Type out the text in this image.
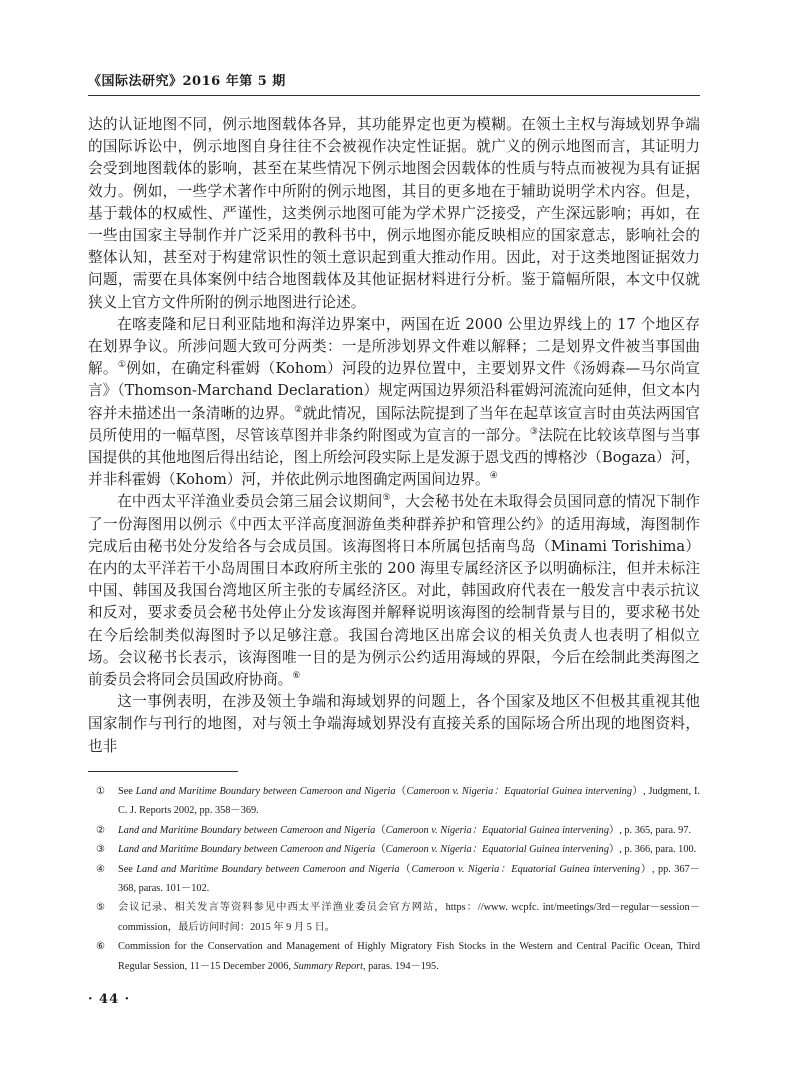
《国际法研究》2016 年第 5 期

达的认证地图不同，例示地图载体各异，其功能界定也更为模糊。在领土主权与海域划界争端的国际诉讼中，例示地图自身往往不会被视作决定性证据。就广义的例示地图而言，其证明力会受到地图载体的影响，甚至在某些情况下例示地图会因载体的性质与特点而被视为具有证据效力。例如，一些学术著作中所附的例示地图，其目的更多地在于辅助说明学术内容。但是，基于载体的权威性、严谨性，这类例示地图可能为学术界广泛接受，产生深远影响；再如，在一些由国家主导制作并广泛采用的教科书中，例示地图亦能反映相应的国家意志，影响社会的整体认知，甚至对于构建常识性的领土意识起到重大推动作用。因此，对于这类地图证据效力问题，需要在具体案例中结合地图载体及其他证据材料进行分析。鉴于篇幅所限，本文中仅就狭义上官方文件所附的例示地图进行论述。

在喀麦隆和尼日利亚陆地和海洋边界案中，两国在近 2000 公里边界线上的 17 个地区存在划界争议。所涉问题大致可分两类：一是所涉划界文件难以解释；二是划界文件被当事国曲解。①例如，在确定科霍姆（Kohom）河段的边界位置中，主要划界文件《汤姆森—马尔尚宣言》（Thomson-Marchand Declaration）规定两国边界须沿科霍姆河流流向延伸，但文本内容并未描述出一条清晰的边界。②就此情况，国际法院提到了当年在起草该宣言时由英法两国官员所使用的一幅草图，尽管该草图并非条约附图或为宣言的一部分。③法院在比较该草图与当事国提供的其他地图后得出结论，图上所绘河段实际上是发源于恩戈西的博格沙（Bogaza）河，并非科霍姆（Kohom）河，并依此例示地图确定两国间边界。④

在中西太平洋渔业委员会第三届会议期间⑤，大会秘书处在未取得会员国同意的情况下制作了一份海图用以例示《中西太平洋高度洄游鱼类种群养护和管理公约》的适用海域，海图制作完成后由秘书处分发给各与会成员国。该海图将日本所属包括南鸟岛（Minami Torishima）在内的太平洋若干小岛周围日本政府所主张的 200 海里专属经济区予以明确标注，但并未标注中国、韩国及我国台湾地区所主张的专属经济区。对此，韩国政府代表在一般发言中表示抗议和反对，要求委员会秘书处停止分发该海图并解释说明该海图的绘制背景与目的，要求秘书处在今后绘制类似海图时予以足够注意。我国台湾地区出席会议的相关负责人也表明了相似立场。会议秘书长表示，该海图唯一目的是为例示公约适用海域的界限，今后在绘制此类海图之前委员会将同会员国政府协商。⑥

这一事例表明，在涉及领土争端和海域划界的问题上，各个国家及地区不但极其重视其他国家制作与刊行的地图，对与领土争端海域划界没有直接关系的国际场合所出现的地图资料，也非

① See Land and Maritime Boundary between Cameroon and Nigeria（Cameroon v. Nigeria：Equatorial Guinea intervening）, Judgment, I. C. J. Reports 2002, pp. 358－369.

② Land and Maritime Boundary between Cameroon and Nigeria（Cameroon v. Nigeria：Equatorial Guinea intervening）, p. 365, para. 97.

③ Land and Maritime Boundary between Cameroon and Nigeria（Cameroon v. Nigeria：Equatorial Guinea intervening）, p. 366, para. 100.

④ See Land and Maritime Boundary between Cameroon and Nigeria（Cameroon v. Nigeria：Equatorial Guinea intervening）, pp. 367－368, paras. 101－102.

⑤ 会议记录、相关发言等资料参见中西太平洋渔业委员会官方网站，https：//www. wcpfc. int/meetings/3rd－regular－session－commission，最后访问时间：2015 年 9 月 5 日。

⑥ Commission for the Conservation and Management of Highly Migratory Fish Stocks in the Western and Central Pacific Ocean, Third Regular Session, 11－15 December 2006, Summary Report, paras. 194－195.

· 44 ·
